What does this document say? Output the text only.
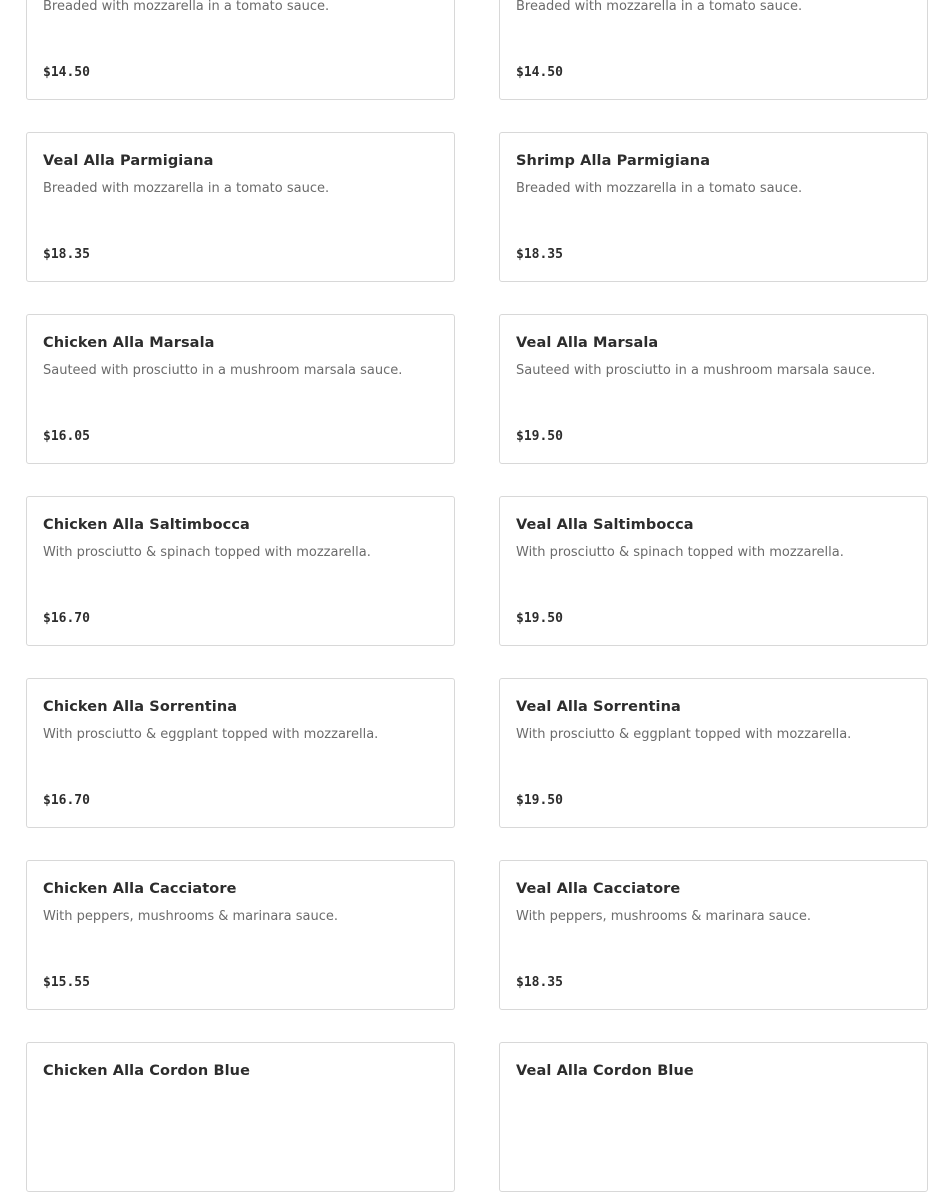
Breaded with mozzarella in a tomato sauce.
$14.50
Breaded with mozzarella in a tomato sauce.
$14.50
Veal Alla Parmigiana
Breaded with mozzarella in a tomato sauce.
$18.35
Shrimp Alla Parmigiana
Breaded with mozzarella in a tomato sauce.
$18.35
Chicken Alla Marsala
Sauteed with prosciutto in a mushroom marsala sauce.
$16.05
Veal Alla Marsala
Sauteed with prosciutto in a mushroom marsala sauce.
$19.50
Chicken Alla Saltimbocca
With prosciutto & spinach topped with mozzarella.
$16.70
Veal Alla Saltimbocca
With prosciutto & spinach topped with mozzarella.
$19.50
Chicken Alla Sorrentina
With prosciutto & eggplant topped with mozzarella.
$16.70
Veal Alla Sorrentina
With prosciutto & eggplant topped with mozzarella.
$19.50
Chicken Alla Cacciatore
With peppers, mushrooms & marinara sauce.
$15.55
Veal Alla Cacciatore
With peppers, mushrooms & marinara sauce.
$18.35
Chicken Alla Cordon Blue	Veal Alla Cordon Blue
